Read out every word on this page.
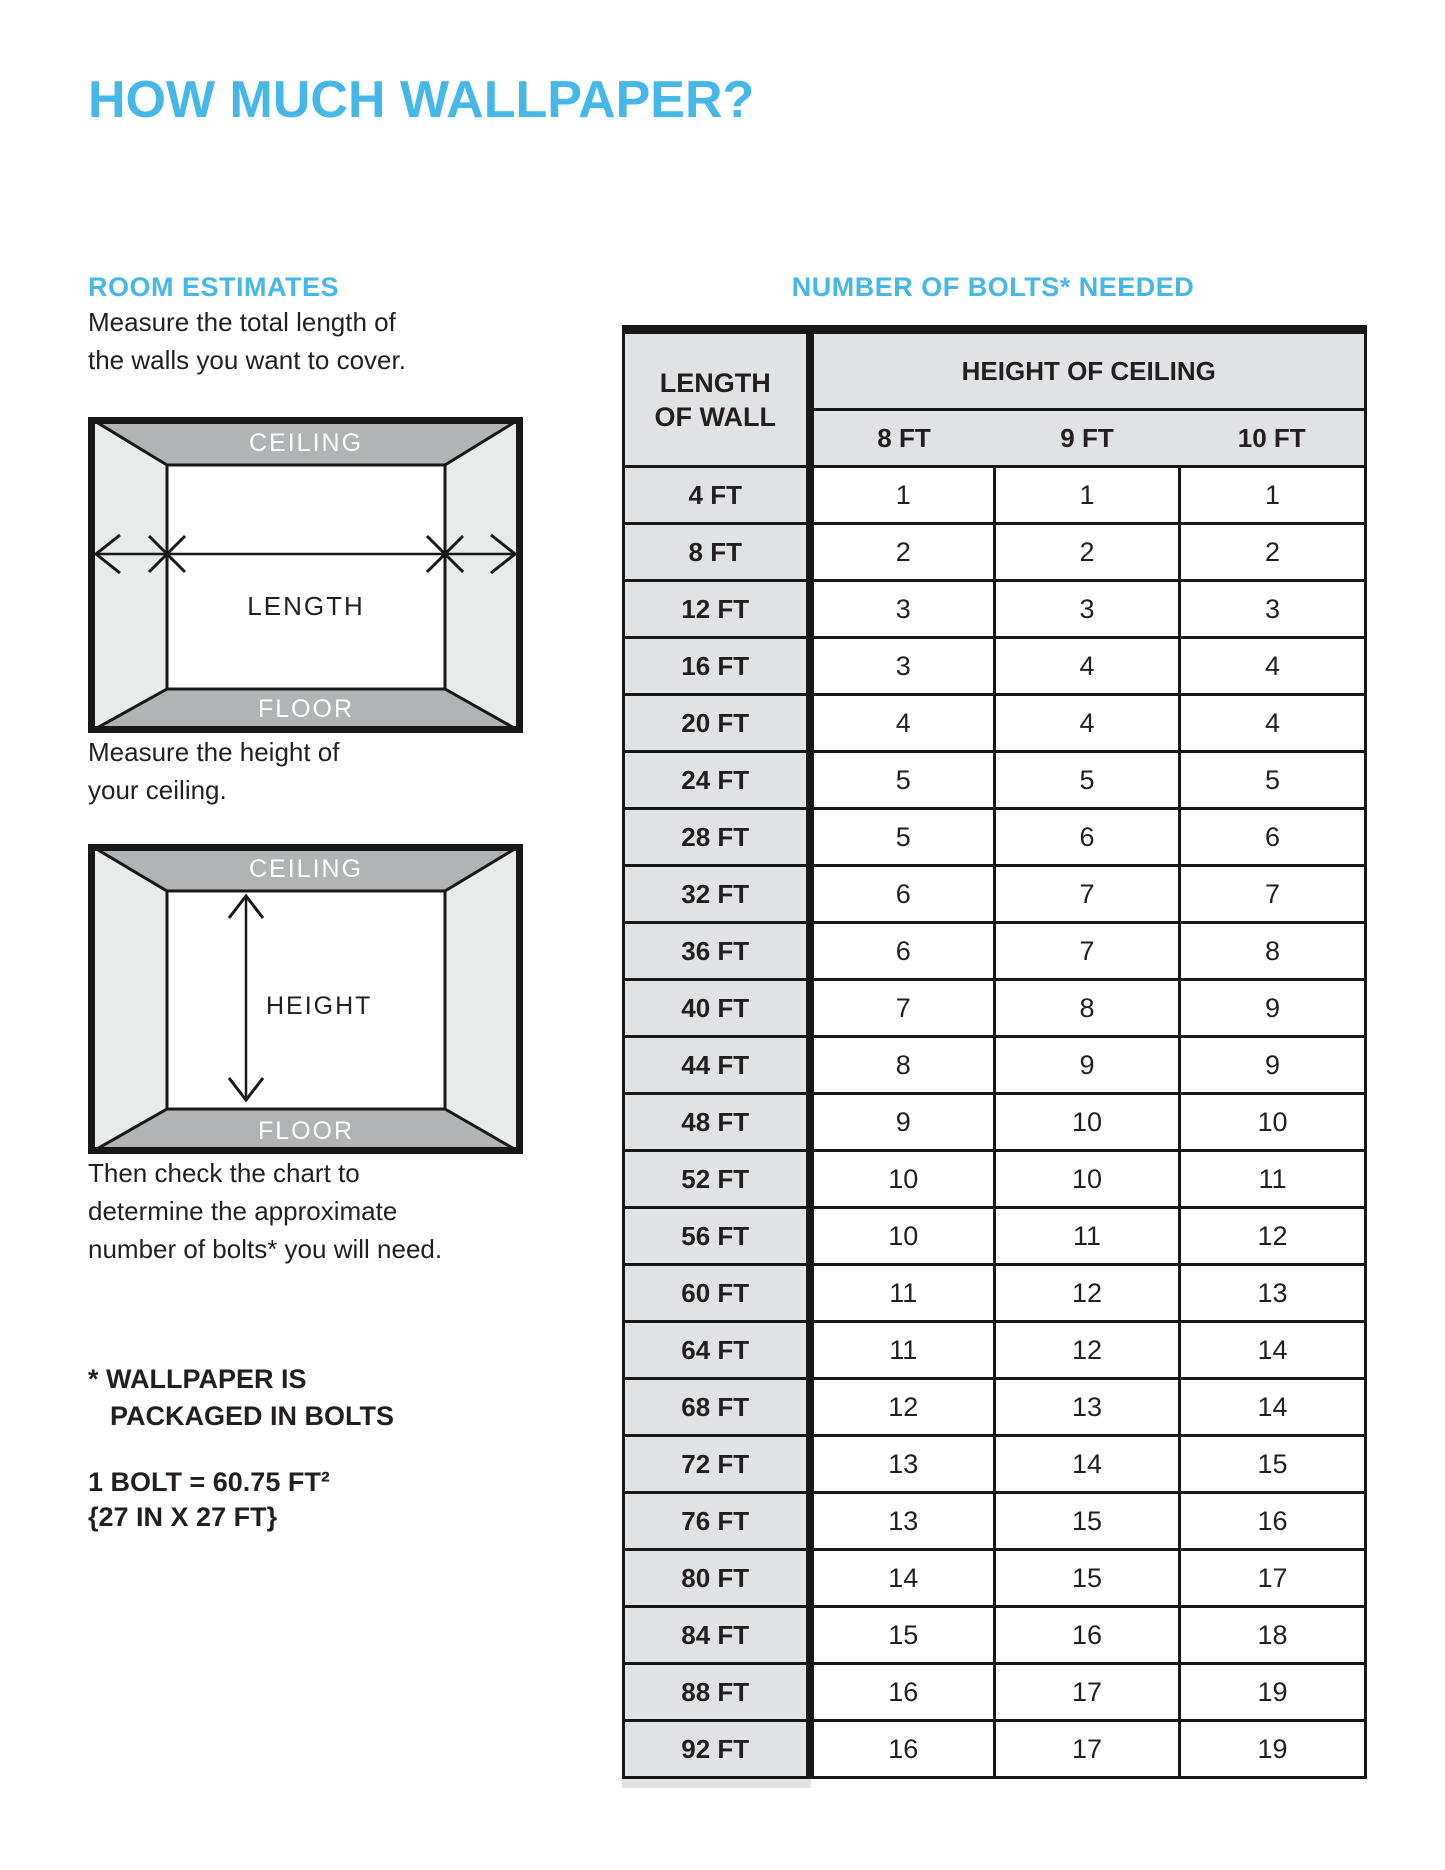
HOW MUCH WALLPAPER?
ROOM ESTIMATES

Measure the total length of
the walls you want to cover.

CEILING
FLOOR
LENGTH

Measure the height of
your ceiling.

CEILING
FLOOR
HEIGHT

Then check the chart to
determine the approximate
number of bolts* you will need.

* WALLPAPER IS
PACKAGED IN BOLTS

1 BOLT = 60.75 FT²
{27 IN X 27 FT}

NUMBER OF BOLTS* NEEDED
LENGTH
OF WALL	HEIGHT OF CEILING		
	8 FT	9 FT	10 FT
4 FT	1	1	1
8 FT	2	2	2
12 FT	3	3	3
16 FT	3	4	4
20 FT	4	4	4
24 FT	5	5	5
28 FT	5	6	6
32 FT	6	7	7
36 FT	6	7	8
40 FT	7	8	9
44 FT	8	9	9
48 FT	9	10	10
52 FT	10	10	11
56 FT	10	11	12
60 FT	11	12	13
64 FT	11	12	14
68 FT	12	13	14
72 FT	13	14	15
76 FT	13	15	16
80 FT	14	15	17
84 FT	15	16	18
88 FT	16	17	19
92 FT	16	17	19
